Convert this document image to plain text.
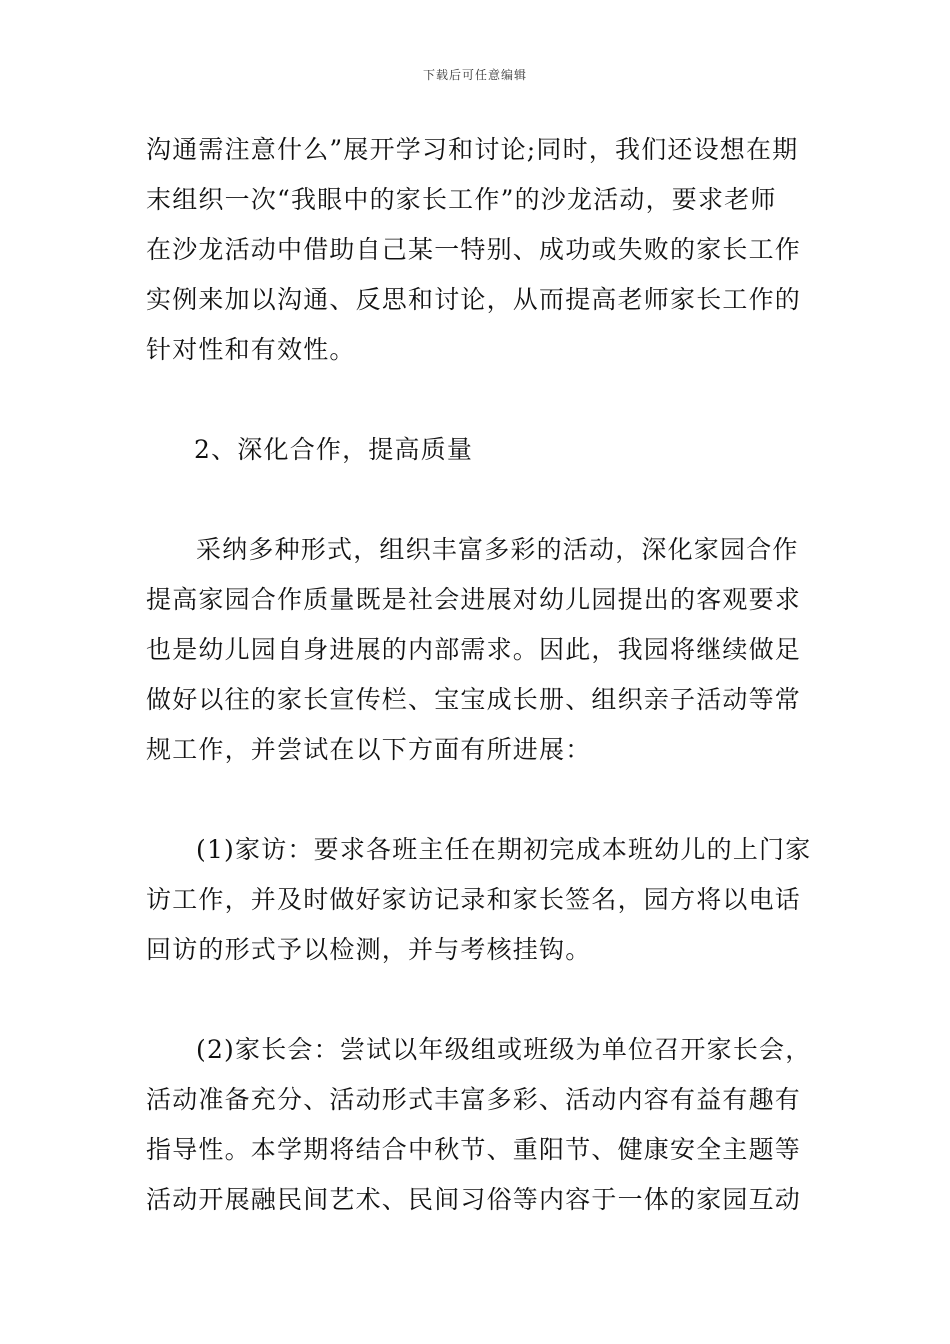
下载后可任意编辑
沟通需注意什么”展开学习和讨论;同时，我们还设想在期
末组织一次“我眼中的家长工作”的沙龙活动，要求老师
在沙龙活动中借助自己某一特别、成功或失败的家长工作
实例来加以沟通、反思和讨论，从而提高老师家长工作的
针对性和有效性。
2、深化合作，提高质量
采纳多种形式，组织丰富多彩的活动，深化家园合作
提高家园合作质量既是社会进展对幼儿园提出的客观要求
也是幼儿园自身进展的内部需求。因此，我园将继续做足
做好以往的家长宣传栏、宝宝成长册、组织亲子活动等常
规工作，并尝试在以下方面有所进展：
(1)家访：要求各班主任在期初完成本班幼儿的上门家
访工作，并及时做好家访记录和家长签名，园方将以电话
回访的形式予以检测，并与考核挂钩。
(2)家长会：尝试以年级组或班级为单位召开家长会，
活动准备充分、活动形式丰富多彩、活动内容有益有趣有
指导性。本学期将结合中秋节、重阳节、健康安全主题等
活动开展融民间艺术、民间习俗等内容于一体的家园互动
